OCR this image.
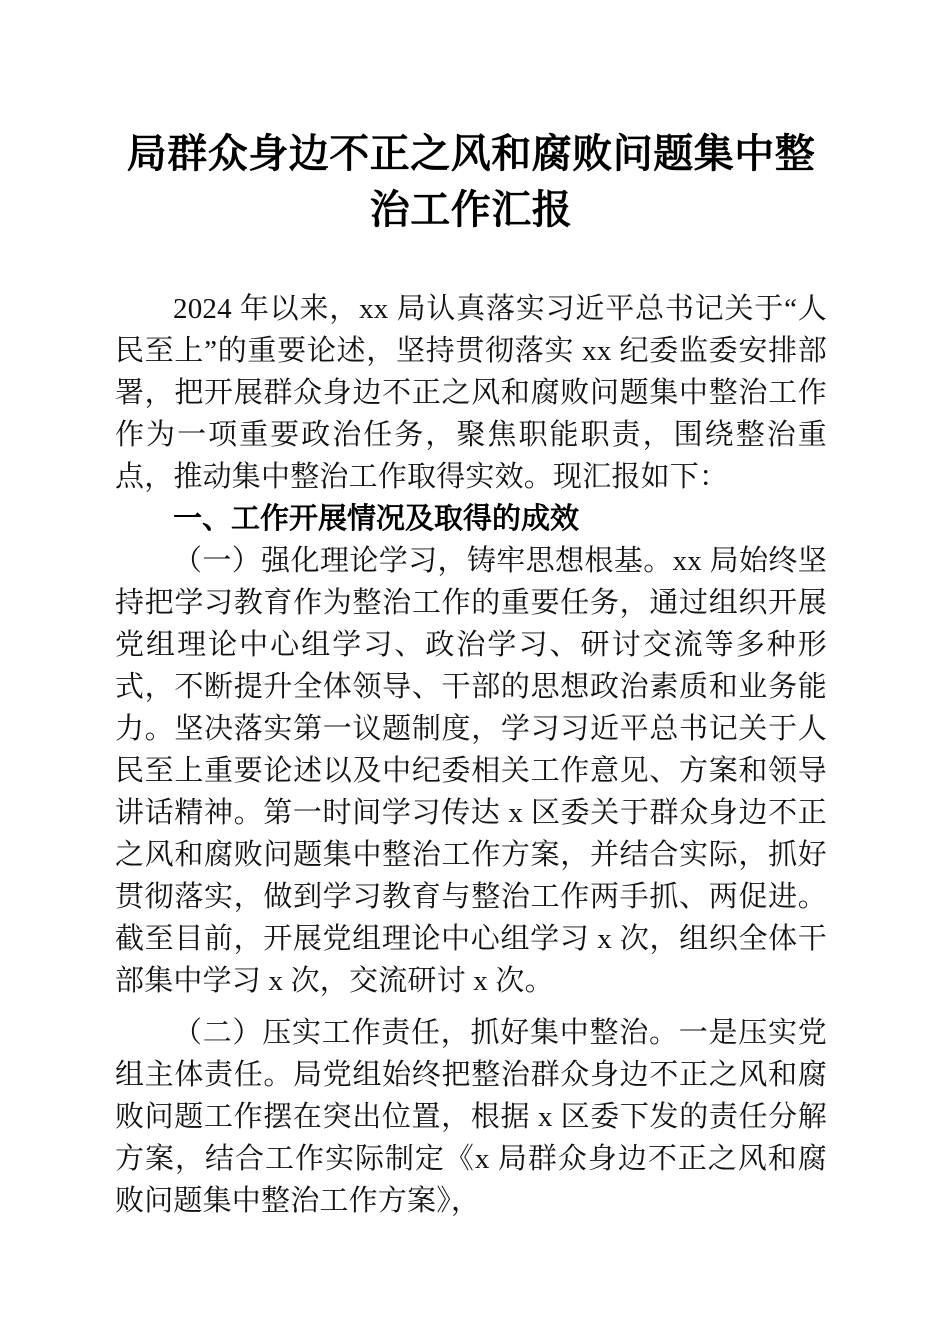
局群众身边不正之风和腐败问题集中整治工作汇报

2024 年以来，xx 局认真落实习近平总书记关于“人民至上”的重要论述，坚持贯彻落实 xx 纪委监委安排部署，把开展群众身边不正之风和腐败问题集中整治工作作为一项重要政治任务，聚焦职能职责，围绕整治重点，推动集中整治工作取得实效。现汇报如下：

一、工作开展情况及取得的成效

（一）强化理论学习，铸牢思想根基。xx 局始终坚持把学习教育作为整治工作的重要任务，通过组织开展党组理论中心组学习、政治学习、研讨交流等多种形式，不断提升全体领导、干部的思想政治素质和业务能力。坚决落实第一议题制度，学习习近平总书记关于人民至上重要论述以及中纪委相关工作意见、方案和领导讲话精神。第一时间学习传达 x 区委关于群众身边不正之风和腐败问题集中整治工作方案，并结合实际，抓好贯彻落实，做到学习教育与整治工作两手抓、两促进。截至目前，开展党组理论中心组学习 x 次，组织全体干部集中学习 x 次，交流研讨 x 次。

（二）压实工作责任，抓好集中整治。一是压实党组主体责任。局党组始终把整治群众身边不正之风和腐败问题工作摆在突出位置，根据 x 区委下发的责任分解方案，结合工作实际制定《x 局群众身边不正之风和腐败问题集中整治工作方案》，
